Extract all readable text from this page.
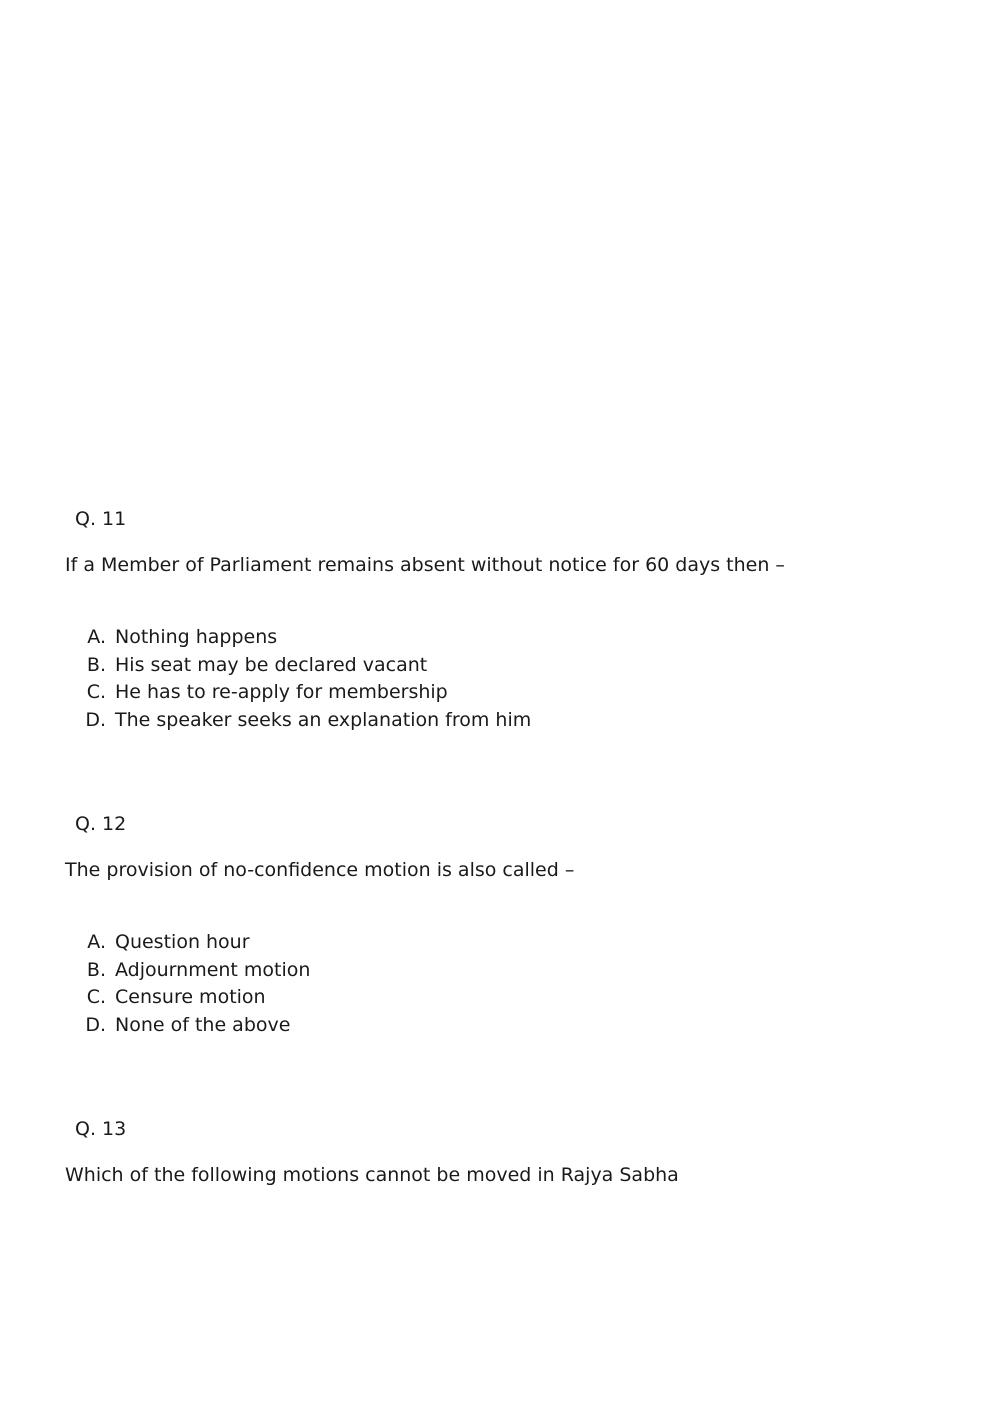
Q. 11
If a Member of Parliament remains absent without notice for 60 days then –
A. Nothing happens
B. His seat may be declared vacant
C. He has to re-apply for membership
D. The speaker seeks an explanation from him
Q. 12
The provision of no-confidence motion is also called –
A. Question hour
B. Adjournment motion
C. Censure motion
D. None of the above
Q. 13
Which of the following motions cannot be moved in Rajya Sabha
